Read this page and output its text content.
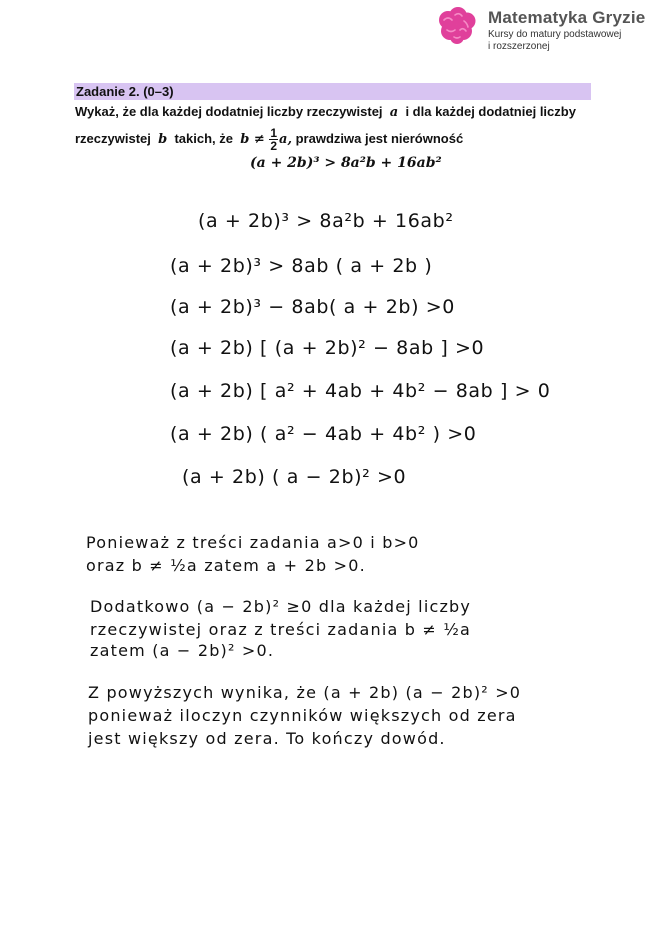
Matematyka Gryzie
Kursy do matury podstawowej
i rozszerzonej
Zadanie 2. (0–3)
Wykaż, że dla każdej dodatniej liczby rzeczywistej a i dla każdej dodatniej liczby
rzeczywistej b takich, że $b \ne \frac{1}{2} a$, prawdziwa jest nierówność
(a + 2b)³ > 8a²b + 16ab²
(a + 2b)³ > 8a²b + 16ab²
(a + 2b)³ > 8ab ( a + 2b )
(a + 2b)³ − 8ab( a + 2b) >0
(a + 2b) [ (a + 2b)² − 8ab ] >0
(a + 2b) [ a² + 4ab + 4b² − 8ab ] > 0
(a + 2b) ( a² − 4ab + 4b² ) >0
(a + 2b) ( a − 2b)² >0
Ponieważ z treści zadania a>0 i b>0
oraz b ≠ ½a zatem a + 2b >0.
Dodatkowo (a − 2b)² ≥0 dla każdej liczby
rzeczywistej oraz z treści zadania b ≠ ½a
zatem (a − 2b)² >0.
Z powyższych wynika, że (a + 2b) (a − 2b)² >0
ponieważ iloczyn czynników większych od zera
jest większy od zera. To kończy dowód.
